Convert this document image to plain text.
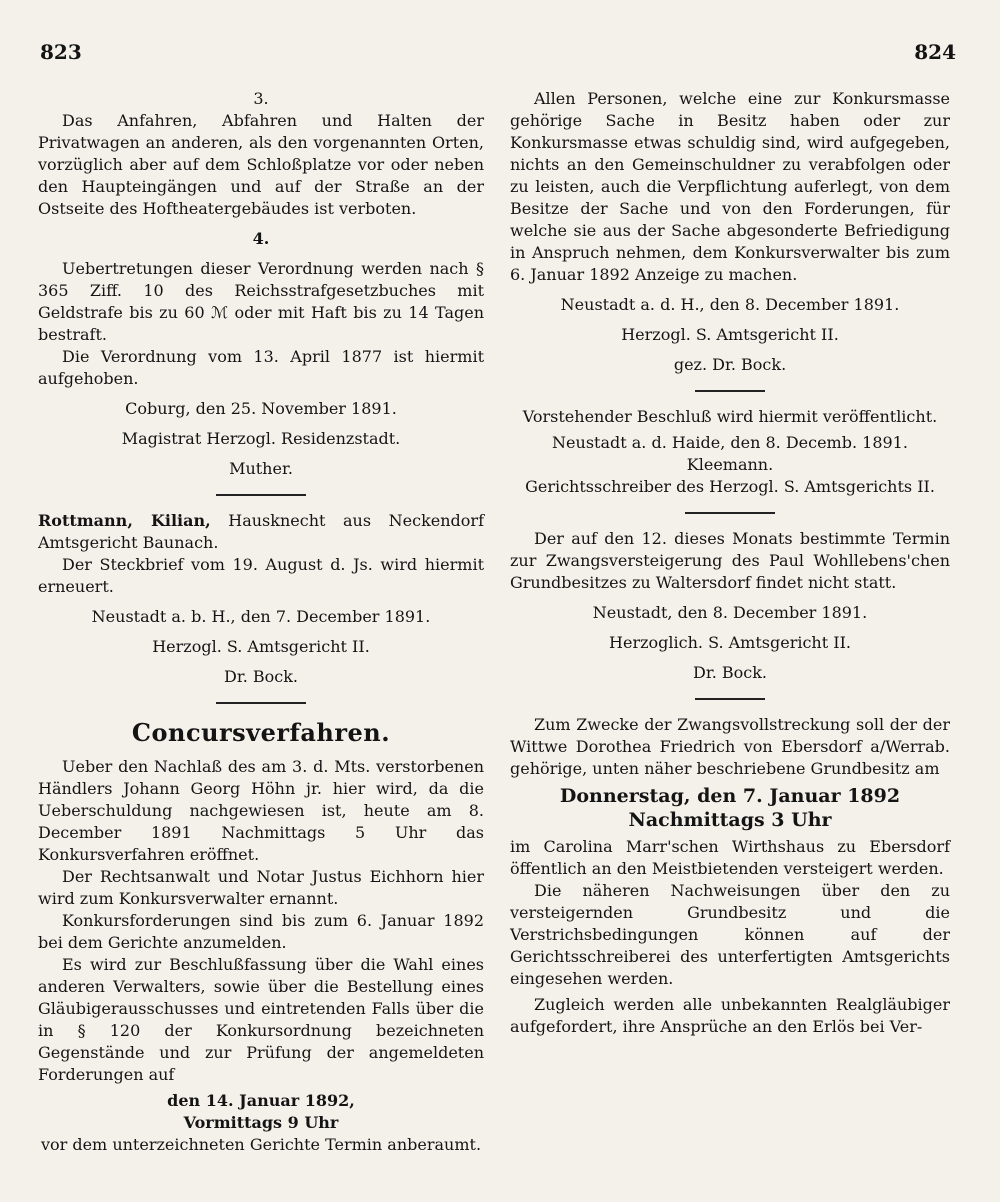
823	824

3.

Das Anfahren, Abfahren und Halten der Privatwagen an anderen, als den vorgenannten Orten, vorzüglich aber auf dem Schloßplatze vor oder neben den Haupteingängen und auf der Straße an der Ostseite des Hoftheatergebäudes ist verboten.

4.

Uebertretungen dieser Verordnung werden nach § 365 Ziff. 10 des Reichsstrafgesetzbuches mit Geldstrafe bis zu 60 ℳ oder mit Haft bis zu 14 Tagen bestraft.

Die Verordnung vom 13. April 1877 ist hiermit aufgehoben.

Coburg, den 25. November 1891.

Magistrat Herzogl. Residenzstadt.

Muther.

Rottmann, Kilian, Hausknecht aus Neckendorf Amtsgericht Baunach.

Der Steckbrief vom 19. August d. Js. wird hiermit erneuert.

Neustadt a. b. H., den 7. December 1891.

Herzogl. S. Amtsgericht II.

Dr. Bock.

Concursverfahren.

Ueber den Nachlaß des am 3. d. Mts. verstorbenen Händlers Johann Georg Höhn jr. hier wird, da die Ueberschuldung nachgewiesen ist, heute am 8. December 1891 Nachmittags 5 Uhr das Konkursverfahren eröffnet.

Der Rechtsanwalt und Notar Justus Eichhorn hier wird zum Konkursverwalter ernannt.

Konkursforderungen sind bis zum 6. Januar 1892 bei dem Gerichte anzumelden.

Es wird zur Beschlußfassung über die Wahl eines anderen Verwalters, sowie über die Bestellung eines Gläubigerausschusses und eintretenden Falls über die in § 120 der Konkursordnung bezeichneten Gegenstände und zur Prüfung der angemeldeten Forderungen auf

den 14. Januar 1892,

Vormittags 9 Uhr

vor dem unterzeichneten Gerichte Termin anberaumt.

Allen Personen, welche eine zur Konkursmasse gehörige Sache in Besitz haben oder zur Konkursmasse etwas schuldig sind, wird aufgegeben, nichts an den Gemeinschuldner zu verabfolgen oder zu leisten, auch die Verpflichtung auferlegt, von dem Besitze der Sache und von den Forderungen, für welche sie aus der Sache abgesonderte Befriedigung in Anspruch nehmen, dem Konkursverwalter bis zum 6. Januar 1892 Anzeige zu machen.

Neustadt a. d. H., den 8. December 1891.

Herzogl. S. Amtsgericht II.

gez. Dr. Bock.

Vorstehender Beschluß wird hiermit veröffentlicht.

Neustadt a. d. Haide, den 8. Decemb. 1891.

Kleemann.

Gerichtsschreiber des Herzogl. S. Amtsgerichts II.

Der auf den 12. dieses Monats bestimmte Termin zur Zwangsversteigerung des Paul Wohllebens'chen Grundbesitzes zu Waltersdorf findet nicht statt.

Neustadt, den 8. December 1891.

Herzoglich. S. Amtsgericht II.

Dr. Bock.

Zum Zwecke der Zwangsvollstreckung soll der der Wittwe Dorothea Friedrich von Ebersdorf a/Werrab. gehörige, unten näher beschriebene Grundbesitz am

Donnerstag, den 7. Januar 1892

Nachmittags 3 Uhr

im Carolina Marr'schen Wirthshaus zu Ebersdorf öffentlich an den Meistbietenden versteigert werden.

Die näheren Nachweisungen über den zu versteigernden Grundbesitz und die Verstrichsbedingungen können auf der Gerichtsschreiberei des unterfertigten Amtsgerichts eingesehen werden.

Zugleich werden alle unbekannten Realgläubiger aufgefordert, ihre Ansprüche an den Erlös bei Ver-
